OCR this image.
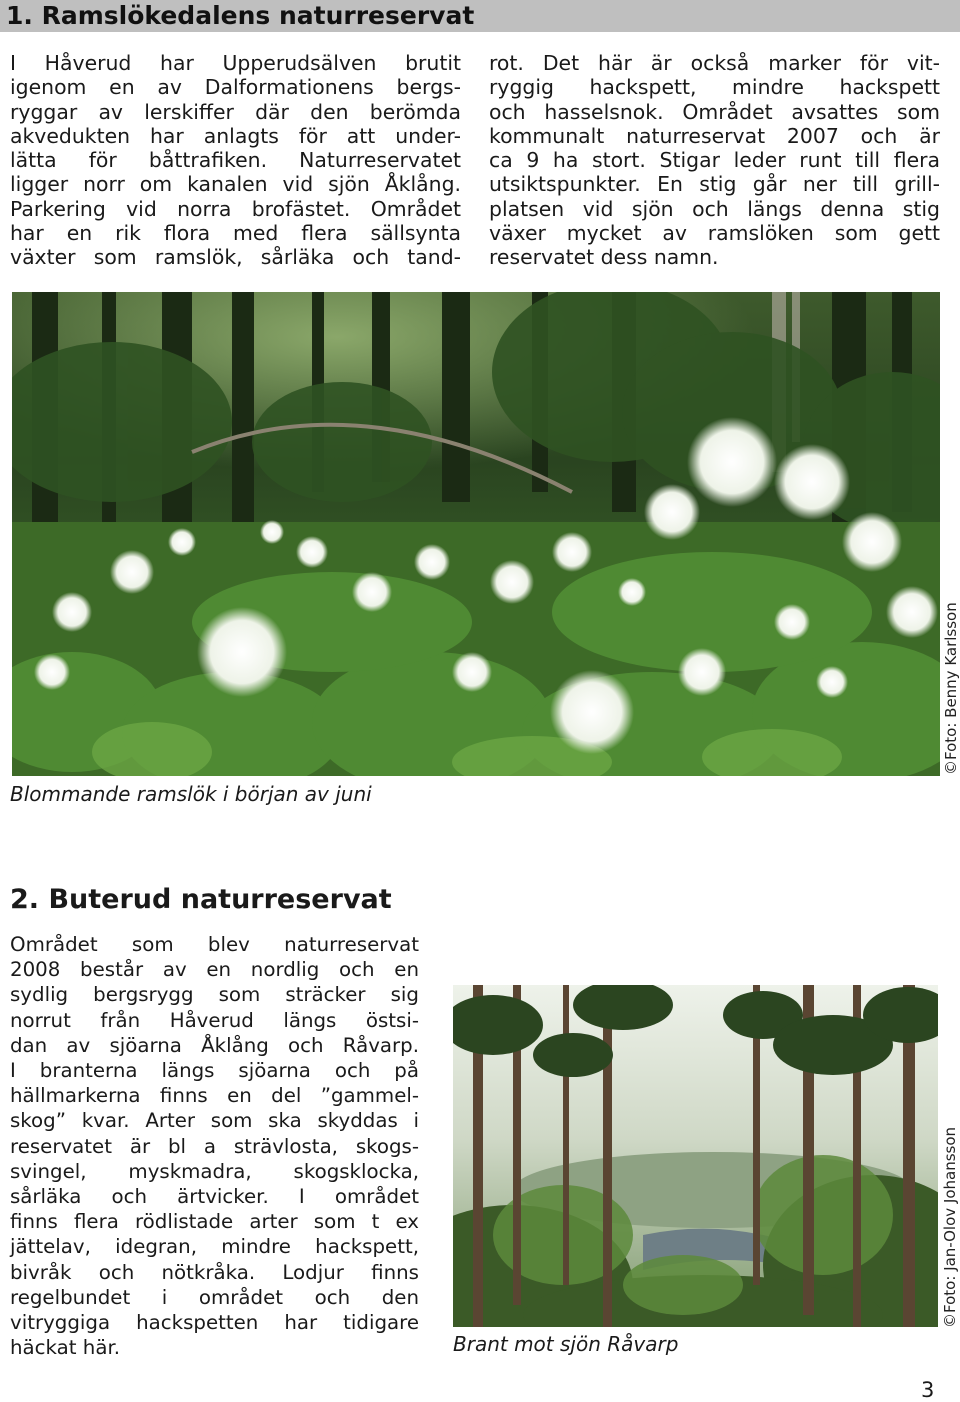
1. Ramslökedalens naturreservat
I Håverud har Upperudsälven brutit
igenom en av Dalformationens bergs-
ryggar av lerskiffer där den berömda
akvedukten har anlagts för att under-
lätta för båttrafiken. Naturreservatet
ligger norr om kanalen vid sjön Åklång.
Parkering vid norra brofästet. Området
har en rik flora med flera sällsynta
växter som ramslök, sårläka och tand-
rot. Det här är också marker för vit-
ryggig hackspett, mindre hackspett
och hasselsnok. Området avsattes som
kommunalt naturreservat 2007 och är
ca 9 ha stort. Stigar leder runt till flera
utsiktspunkter. En stig går ner till grill-
platsen vid sjön och längs denna stig
växer mycket av ramslöken som gett
reservatet dess namn.
Blommande ramslök i början av juni
©Foto: Benny Karlsson
2. Buterud naturreservat
Området som blev naturreservat
2008 består av en nordlig och en
sydlig bergsrygg som sträcker sig
norrut från Håverud längs östsi-
dan av sjöarna Åklång och Råvarp.
I branterna längs sjöarna och på
hällmarkerna finns en del ”gammel-
skog” kvar. Arter som ska skyddas i
reservatet är bl a strävlosta, skogs-
svingel, myskmadra, skogsklocka,
sårläka och ärtvicker. I området
finns flera rödlistade arter som t ex
jättelav, idegran, mindre hackspett,
bivråk och nötkråka. Lodjur finns
regelbundet i området och den
vitryggiga hackspetten har tidigare
häckat här.	Brant mot sjön Råvarp
©Foto: Jan-Olov Johansson
3
